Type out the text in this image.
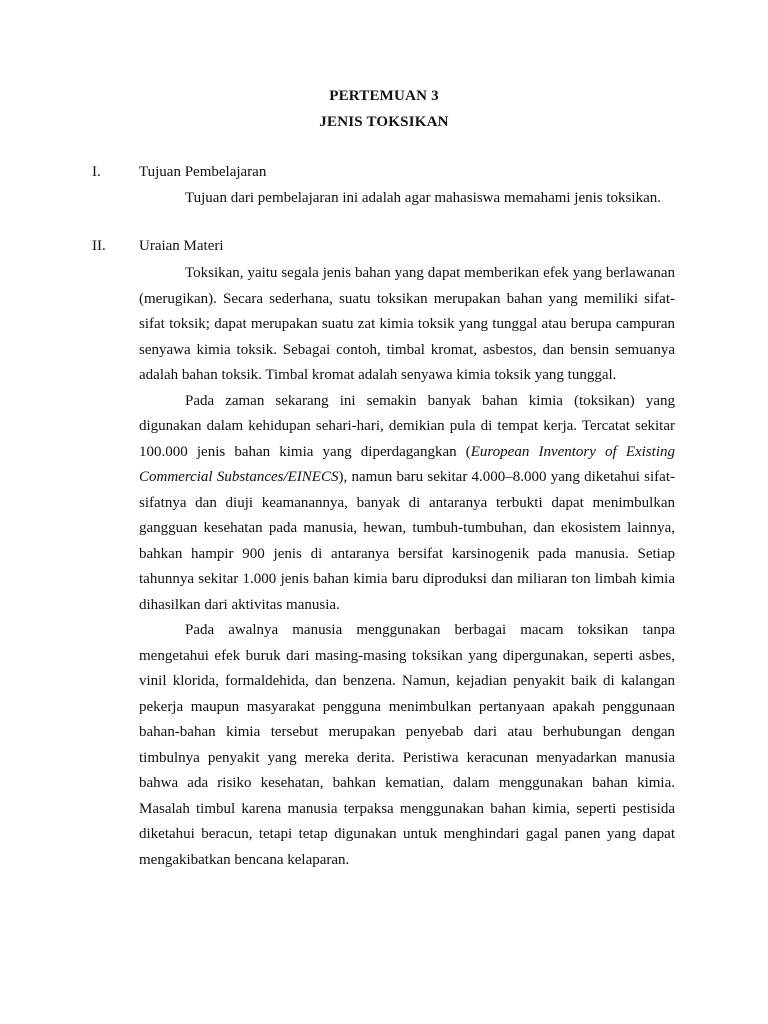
PERTEMUAN 3
JENIS TOKSIKAN
I.	Tujuan Pembelajaran
Tujuan dari pembelajaran ini adalah agar mahasiswa memahami jenis toksikan.
II. Uraian Materi

Toksikan, yaitu segala jenis bahan yang dapat memberikan efek yang berlawanan (merugikan). Secara sederhana, suatu toksikan merupakan bahan yang memiliki sifat-sifat toksik; dapat merupakan suatu zat kimia toksik yang tunggal atau berupa campuran senyawa kimia toksik. Sebagai contoh, timbal kromat, asbestos, dan bensin semuanya adalah bahan toksik. Timbal kromat adalah senyawa kimia toksik yang tunggal.

Pada zaman sekarang ini semakin banyak bahan kimia (toksikan) yang digunakan dalam kehidupan sehari-hari, demikian pula di tempat kerja. Tercatat sekitar 100.000 jenis bahan kimia yang diperdagangkan (European Inventory of Existing Commercial Substances/EINECS), namun baru sekitar 4.000–8.000 yang diketahui sifat-sifatnya dan diuji keamanannya, banyak di antaranya terbukti dapat menimbulkan gangguan kesehatan pada manusia, hewan, tumbuh-tumbuhan, dan ekosistem lainnya, bahkan hampir 900 jenis di antaranya bersifat karsinogenik pada manusia. Setiap tahunnya sekitar 1.000 jenis bahan kimia baru diproduksi dan miliaran ton limbah kimia dihasilkan dari aktivitas manusia.

Pada awalnya manusia menggunakan berbagai macam toksikan tanpa mengetahui efek buruk dari masing-masing toksikan yang dipergunakan, seperti asbes, vinil klorida, formaldehida, dan benzena. Namun, kejadian penyakit baik di kalangan pekerja maupun masyarakat pengguna menimbulkan pertanyaan apakah penggunaan bahan-bahan kimia tersebut merupakan penyebab dari atau berhubungan dengan timbulnya penyakit yang mereka derita. Peristiwa keracunan menyadarkan manusia bahwa ada risiko kesehatan, bahkan kematian, dalam menggunakan bahan kimia. Masalah timbul karena manusia terpaksa menggunakan bahan kimia, seperti pestisida diketahui beracun, tetapi tetap digunakan untuk menghindari gagal panen yang dapat mengakibatkan bencana kelaparan.
